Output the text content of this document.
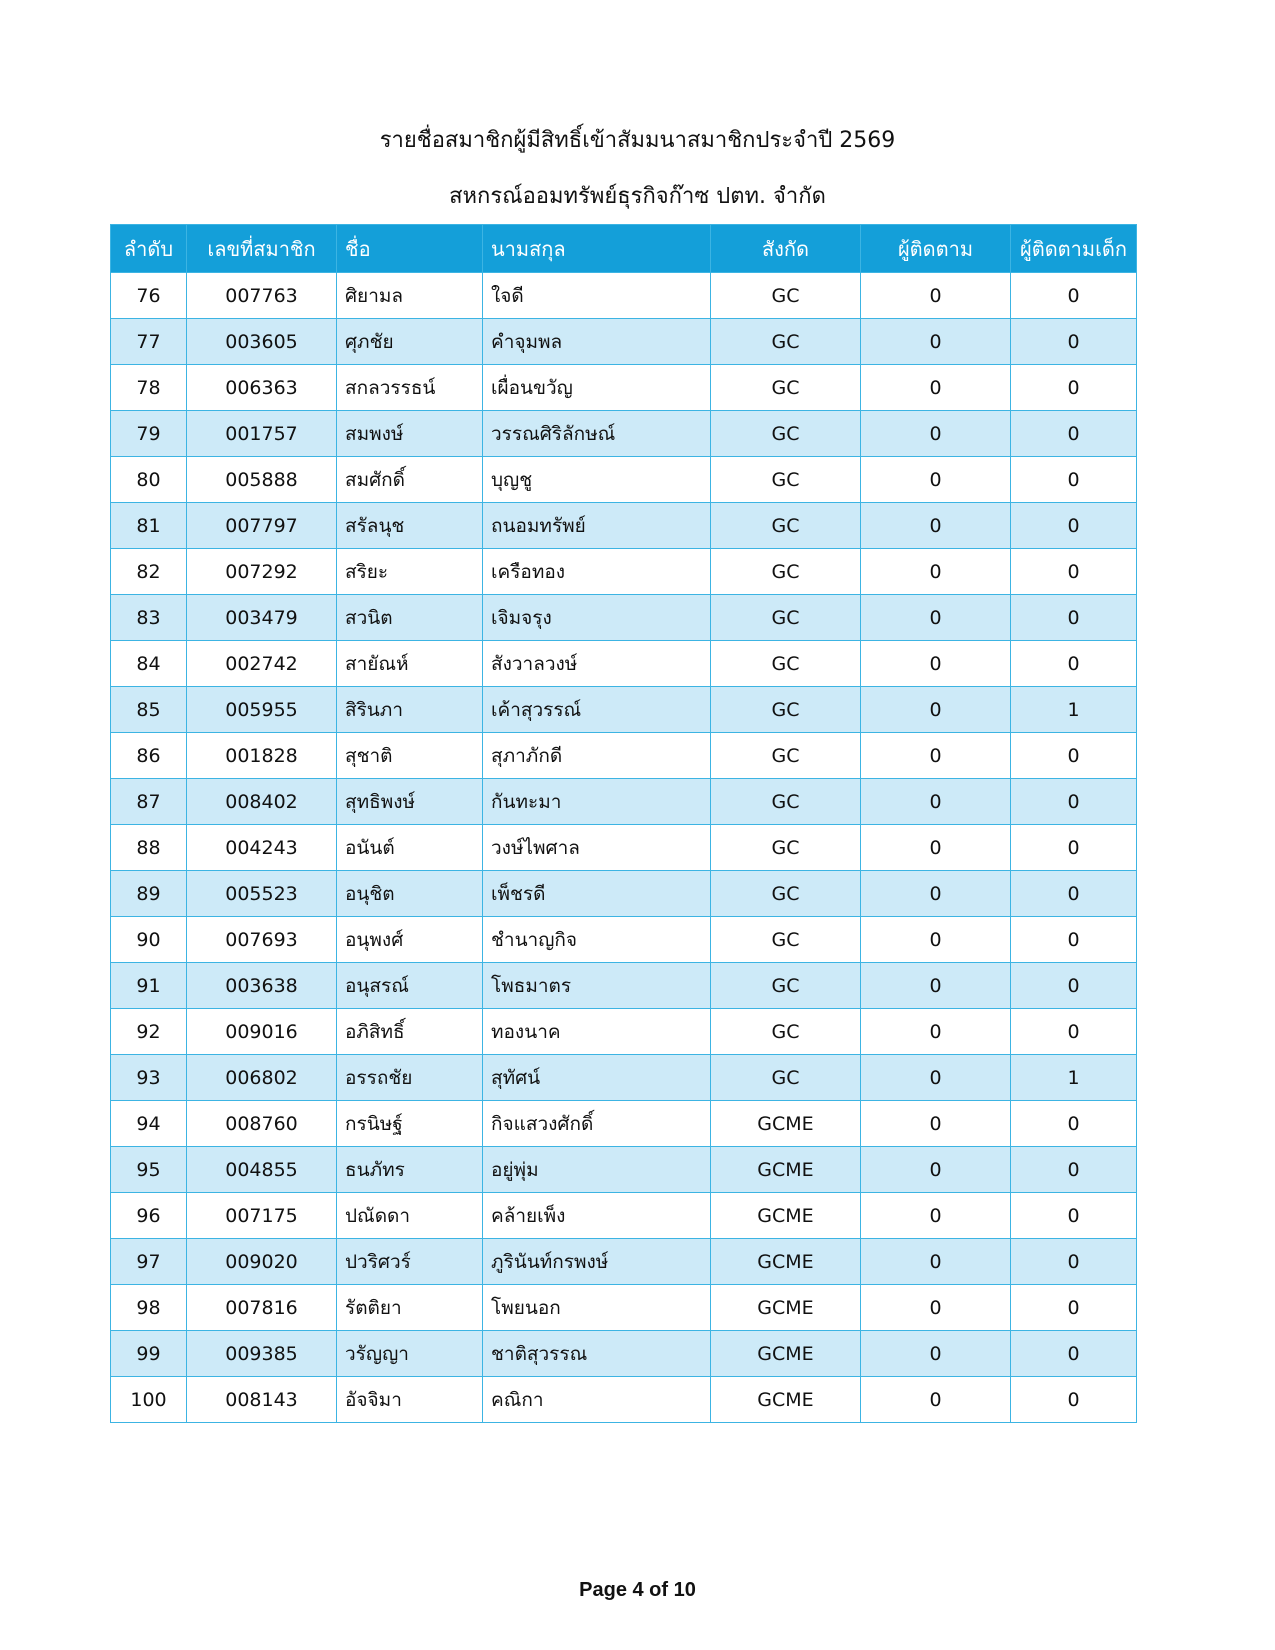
รายชื่อสมาชิกผู้มีสิทธิ์เข้าสัมมนาสมาชิกประจำปี 2569
สหกรณ์ออมทรัพย์ธุรกิจก๊าซ ปตท. จำกัด
ลำดับ	เลขที่สมาชิก	ชื่อ	นามสกุล	สังกัด	ผู้ติดตาม	ผู้ติดตามเด็ก
76	007763	ศิยามล	ใจดี	GC	0	0
77	003605	ศุภชัย	คำจุมพล	GC	0	0
78	006363	สกลวรรธน์	เผื่อนขวัญ	GC	0	0
79	001757	สมพงษ์	วรรณศิริลักษณ์	GC	0	0
80	005888	สมศักดิ์	บุญชู	GC	0	0
81	007797	สรัลนุช	ถนอมทรัพย์	GC	0	0
82	007292	สริยะ	เครือทอง	GC	0	0
83	003479	สวนิต	เจิมจรุง	GC	0	0
84	002742	สายัณห์	สังวาลวงษ์	GC	0	0
85	005955	สิรินภา	เค้าสุวรรณ์	GC	0	1
86	001828	สุชาติ	สุภาภักดี	GC	0	0
87	008402	สุทธิพงษ์	กันทะมา	GC	0	0
88	004243	อนันต์	วงษ์ไพศาล	GC	0	0
89	005523	อนุชิต	เพ็ชรดี	GC	0	0
90	007693	อนุพงศ์	ชำนาญกิจ	GC	0	0
91	003638	อนุสรณ์	โพธมาตร	GC	0	0
92	009016	อภิสิทธิ์	ทองนาค	GC	0	0
93	006802	อรรถชัย	สุทัศน์	GC	0	1
94	008760	กรนิษฐ์	กิจแสวงศักดิ์	GCME	0	0
95	004855	ธนภัทร	อยู่พุ่ม	GCME	0	0
96	007175	ปณัดดา	คล้ายเพ็ง	GCME	0	0
97	009020	ปวริศวร์	ภูรินันท์กรพงษ์	GCME	0	0
98	007816	รัตติยา	โพยนอก	GCME	0	0
99	009385	วรัญญา	ชาติสุวรรณ	GCME	0	0
100	008143	อัจจิมา	คณิกา	GCME	0	0
Page 4 of 10
